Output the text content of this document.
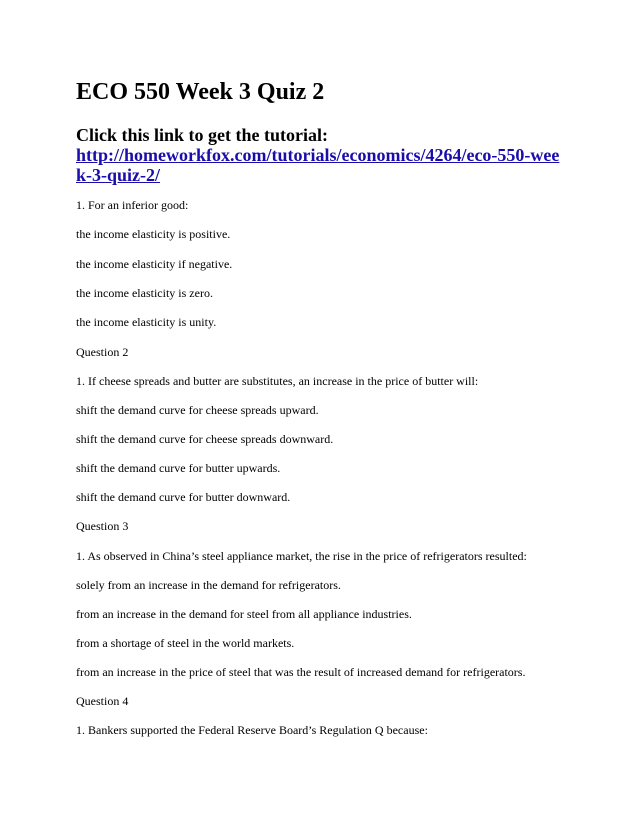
ECO 550 Week 3 Quiz 2
Click this link to get the tutorial:
http://homeworkfox.com/tutorials/economics/4264/eco-550-week-3-quiz-2/
1. For an inferior good:
the income elasticity is positive.
the income elasticity if negative.
the income elasticity is zero.
the income elasticity is unity.
Question 2
1. If cheese spreads and butter are substitutes, an increase in the price of butter will:
shift the demand curve for cheese spreads upward.
shift the demand curve for cheese spreads downward.
shift the demand curve for butter upwards.
shift the demand curve for butter downward.
Question 3
1. As observed in China’s steel appliance market, the rise in the price of refrigerators resulted:
solely from an increase in the demand for refrigerators.
from an increase in the demand for steel from all appliance industries.
from a shortage of steel in the world markets.
from an increase in the price of steel that was the result of increased demand for refrigerators.
Question 4
1. Bankers supported the Federal Reserve Board’s Regulation Q because:
